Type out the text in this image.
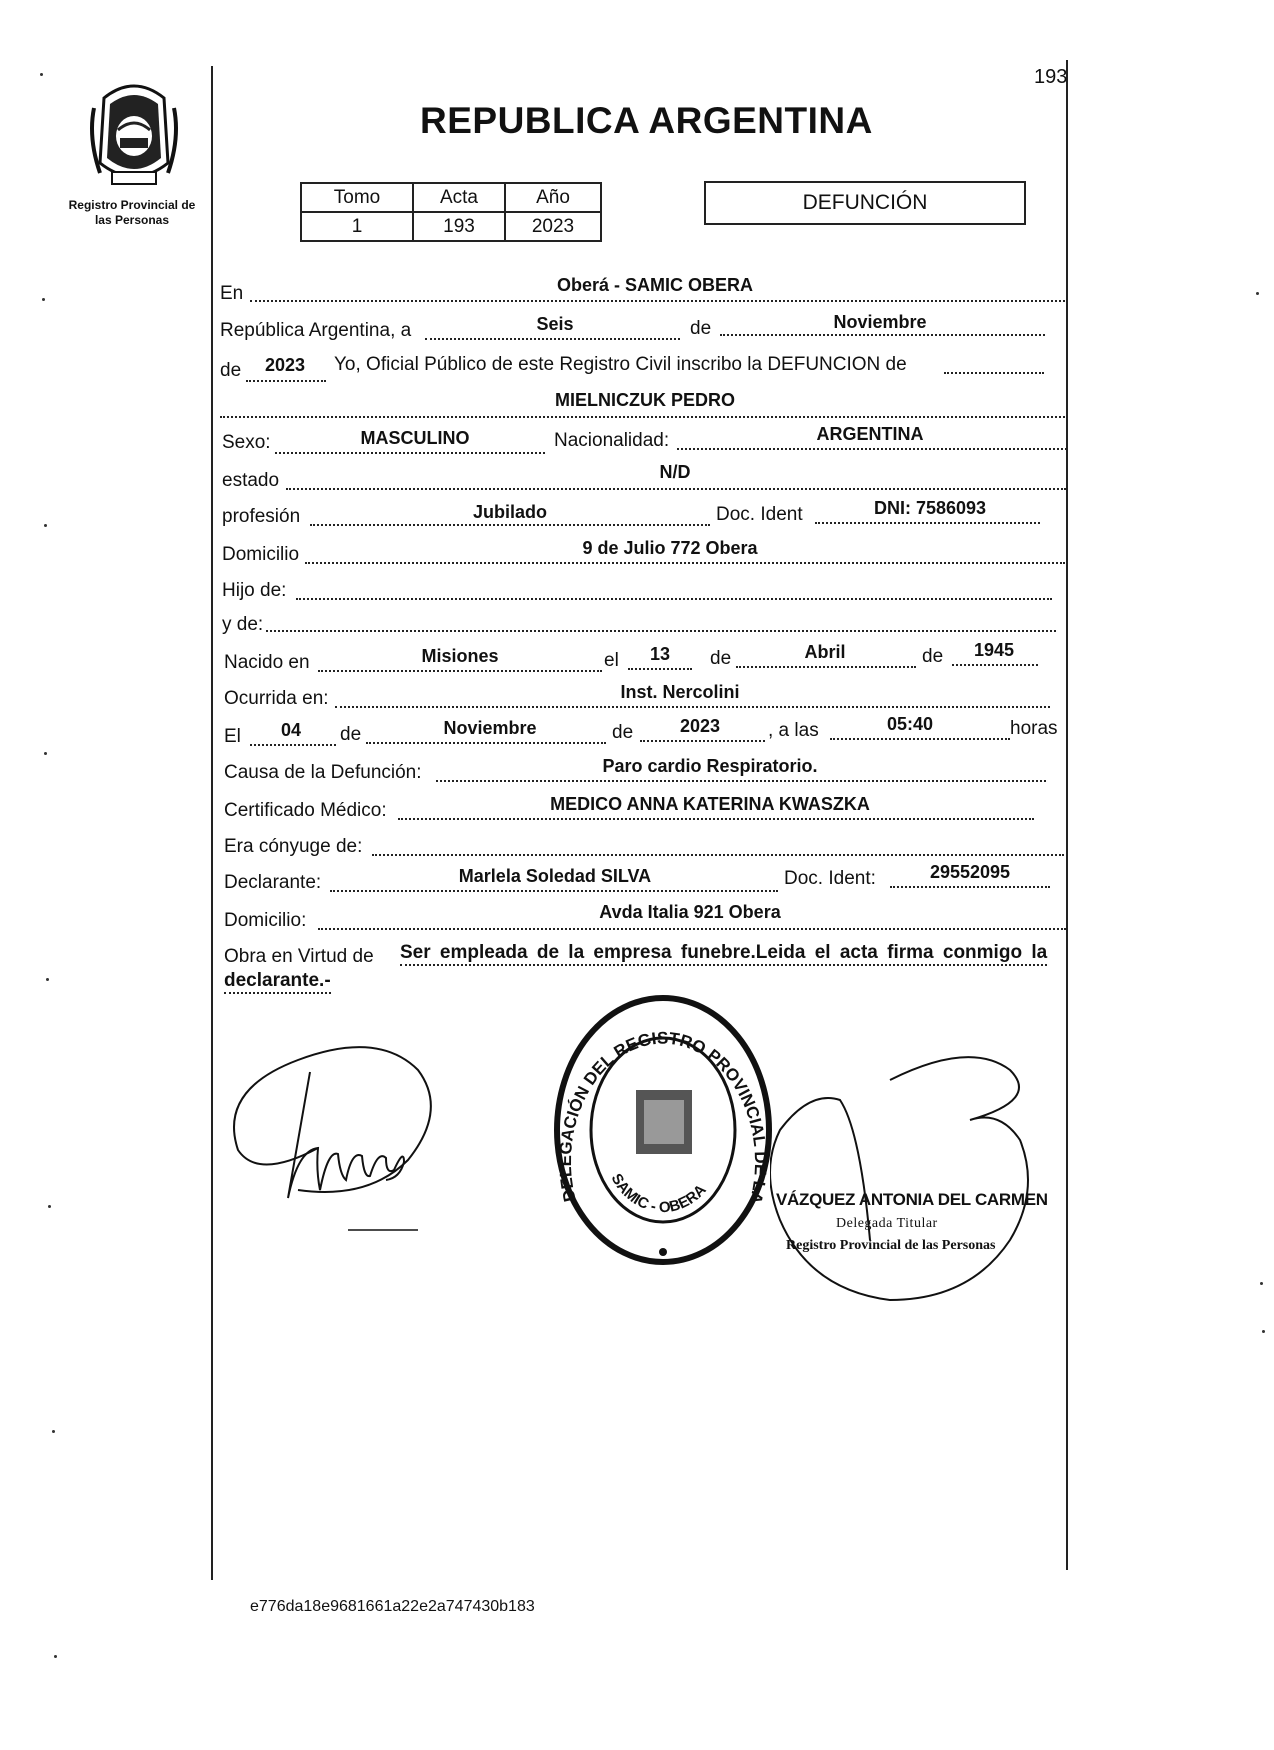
193
Registro Provincial de las Personas
REPUBLICA ARGENTINA
Tomo	Acta	Año
1	193	2023
DEFUNCIÓN
En	Oberá - SAMIC OBERA
República Argentina, a	Seis	de	Noviembre
de	2023	Yo, Oficial Público de este Registro Civil inscribo la DEFUNCION de
MIELNICZUK PEDRO
Sexo:	MASCULINO	Nacionalidad:	ARGENTINA
estado	N/D
profesión	Jubilado	Doc. Ident	DNI: 7586093
Domicilio	9 de Julio 772 Obera
Hijo de:
y de:
Nacido en	Misiones	el	13	de	Abril	de	1945
Ocurrida en:	Inst. Nercolini
El	04	de	Noviembre	de	2023	, a las	05:40	horas
Causa de la Defunción:	Paro cardio Respiratorio.
Certificado Médico:	MEDICO ANNA KATERINA KWASZKA
Era cónyuge de:
Declarante:	Marlela Soledad SILVA	Doc. Ident:	29552095
Domicilio:	Avda Italia 921 Obera
Obra en Virtud de Ser empleada de la empresa funebre.Leida el acta firma conmigo la
declarante.-
DELEGACIÓN DEL REGISTRO PROVINCIAL DE LA
SAMIC - OBERA	VÁZQUEZ ANTONIA DEL CARMEN
Delegada Titular
Registro Provincial de las Personas
e776da18e9681661a22e2a747430b183
